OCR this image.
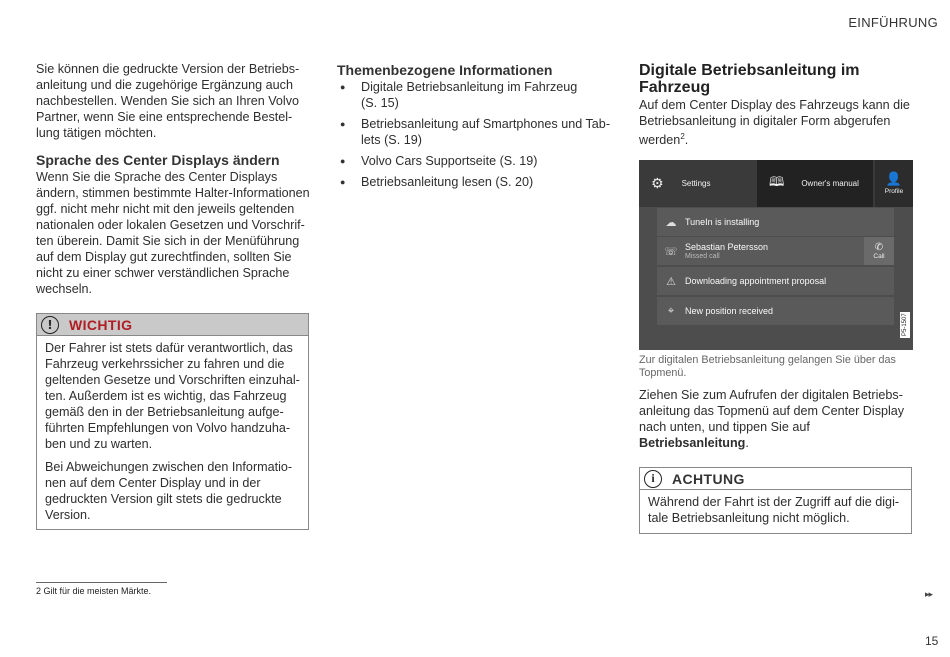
EINFÜHRUNG
Sie können die gedruckte Version der Betriebs-
anleitung und die zugehörige Ergänzung auch
nachbestellen. Wenden Sie sich an Ihren Volvo
Partner, wenn Sie eine entsprechende Bestel-
lung tätigen möchten.
Sprache des Center Displays ändern
Wenn Sie die Sprache des Center Displays
ändern, stimmen bestimmte Halter-Informationen
ggf. nicht mehr nicht mit den jeweils geltenden
nationalen oder lokalen Gesetzen und Vorschrif-
ten überein. Damit Sie sich in der Menüführung
auf dem Display gut zurechtfinden, sollten Sie
nicht zu einer schwer verständlichen Sprache
wechseln.
!	WICHTIG
Der Fahrer ist stets dafür verantwortlich, das
Fahrzeug verkehrssicher zu fahren und die
geltenden Gesetze und Vorschriften einzuhal-
ten. Außerdem ist es wichtig, das Fahrzeug
gemäß den in der Betriebsanleitung aufge-
führten Empfehlungen von Volvo handzuha-
ben und zu warten.
Bei Abweichungen zwischen den Informatio-
nen auf dem Center Display und in der
gedruckten Version gilt stets die gedruckte
Version.
Themenbezogene Informationen
● Digitale Betriebsanleitung im Fahrzeug
(S. 15)
● Betriebsanleitung auf Smartphones und Tab-
lets (S. 19)
● Volvo Cars Supportseite (S. 19)
● Betriebsanleitung lesen (S. 20)
Digitale Betriebsanleitung im
Fahrzeug
Auf dem Center Display des Fahrzeugs kann die
Betriebsanleitung in digitaler Form abgerufen
werden$^2$.
⚙ Settings	🕮 Owner's manual 👤
Profile
☁ TuneIn is installing
☏ Sebastian Petersson
Missed call
✆
Call
⚠	Downloading appointment proposal
⌖	New position received
P5-1507
Zur digitalen Betriebsanleitung gelangen Sie über das
Topmenü.
Ziehen Sie zum Aufrufen der digitalen Betriebs-
anleitung das Topmenü auf dem Center Display
nach unten, und tippen Sie auf
Betriebsanleitung.
i	ACHTUNG
Während der Fahrt ist der Zugriff auf die digi-
tale Betriebsanleitung nicht möglich.
2 Gilt für die meisten Märkte.	▸▸
15
